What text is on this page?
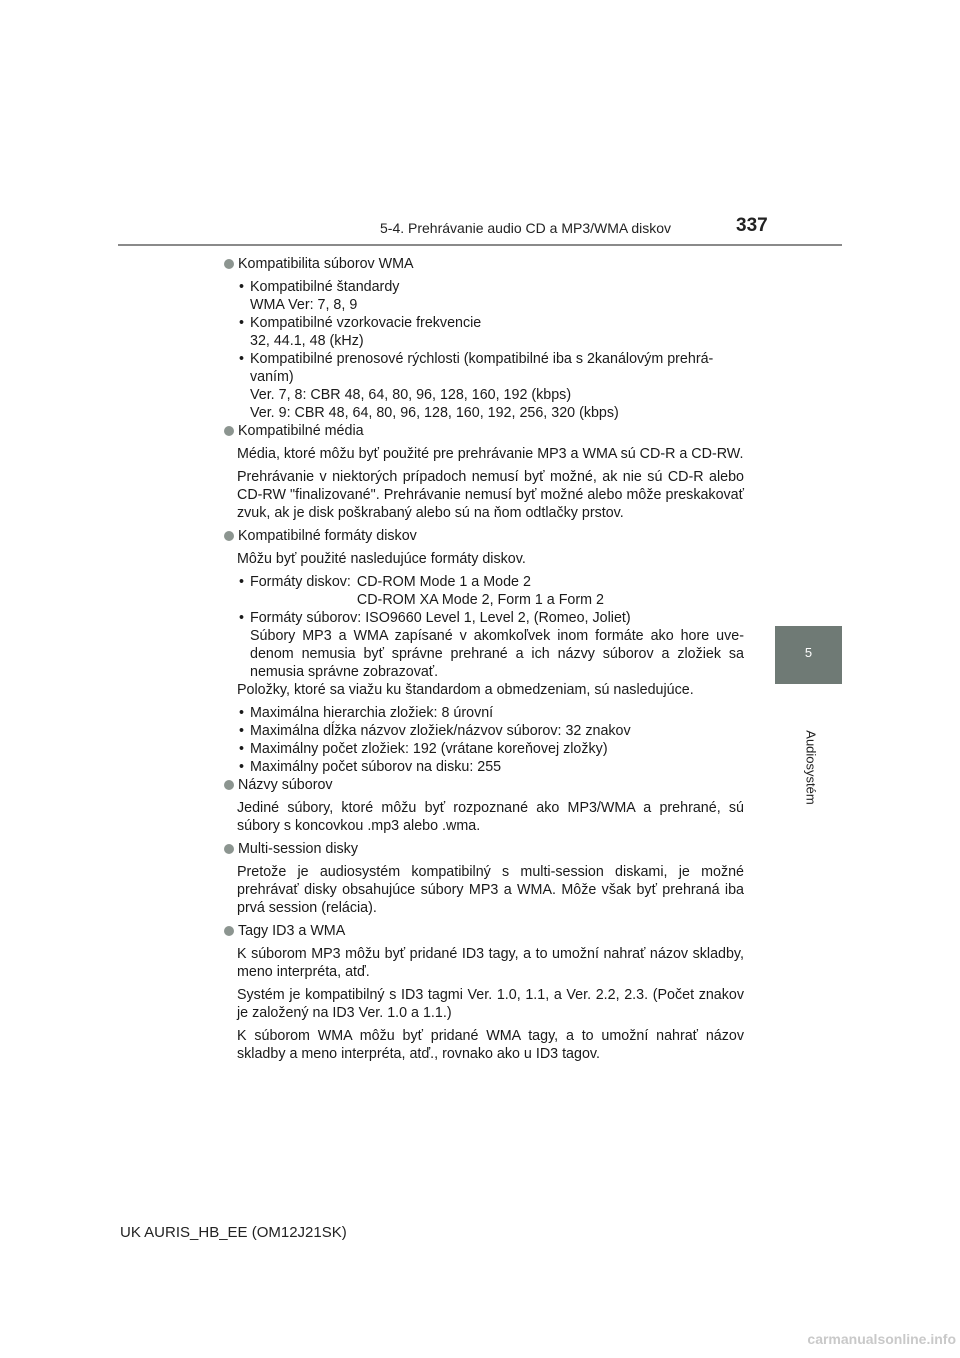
5-4. Prehrávanie audio CD a MP3/WMA diskov	337
5
Audiosystém
Kompatibilita súborov WMA
• Kompatibilné štandardy
WMA Ver: 7, 8, 9
• Kompatibilné vzorkovacie frekvencie
32, 44.1, 48 (kHz)
• Kompatibilné prenosové rýchlosti (kompatibilné iba s 2kanálovým prehrá-
vaním)
Ver. 7, 8: CBR 48, 64, 80, 96, 128, 160, 192 (kbps)
Ver. 9: CBR 48, 64, 80, 96, 128, 160, 192, 256, 320 (kbps)
Kompatibilné média
Média, ktoré môžu byť použité pre prehrávanie MP3 a WMA sú CD-R a CD-RW.
Prehrávanie v niektorých prípadoch nemusí byť možné, ak nie sú CD-R alebo CD-RW "finalizované". Prehrávanie nemusí byť možné alebo môže preskakovať zvuk, ak je disk poškrabaný alebo sú na ňom odtlačky prstov.
Kompatibilné formáty diskov
Môžu byť použité nasledujúce formáty diskov.
• Formáty diskov: CD-ROM Mode 1 a Mode 2
CD-ROM XA Mode 2, Form 1 a Form 2
• Formáty súborov: ISO9660 Level 1, Level 2, (Romeo, Joliet)
Súbory MP3 a WMA zapísané v akomkoľvek inom formáte ako hore uve-denom nemusia byť správne prehrané a ich názvy súborov a zložiek sa nemusia správne zobrazovať.
Položky, ktoré sa viažu ku štandardom a obmedzeniam, sú nasledujúce.
• Maximálna hierarchia zložiek: 8 úrovní
• Maximálna dĺžka názvov zložiek/názvov súborov: 32 znakov
• Maximálny počet zložiek: 192 (vrátane koreňovej zložky)
• Maximálny počet súborov na disku: 255
Názvy súborov
Jediné súbory, ktoré môžu byť rozpoznané ako MP3/WMA a prehrané, sú súbory s koncovkou .mp3 alebo .wma.
Multi-session disky
Pretože je audiosystém kompatibilný s multi-session diskami, je možné prehrávať disky obsahujúce súbory MP3 a WMA. Môže však byť prehraná iba prvá session (relácia).
Tagy ID3 a WMA
K súborom MP3 môžu byť pridané ID3 tagy, a to umožní nahrať názov skladby, meno interpréta, atď.
Systém je kompatibilný s ID3 tagmi Ver. 1.0, 1.1, a Ver. 2.2, 2.3. (Počet znakov je založený na ID3 Ver. 1.0 a 1.1.)
K súborom WMA môžu byť pridané WMA tagy, a to umožní nahrať názov skladby a meno interpréta, atď., rovnako ako u ID3 tagov.
UK AURIS_HB_EE (OM12J21SK)
carmanualsonline.info
